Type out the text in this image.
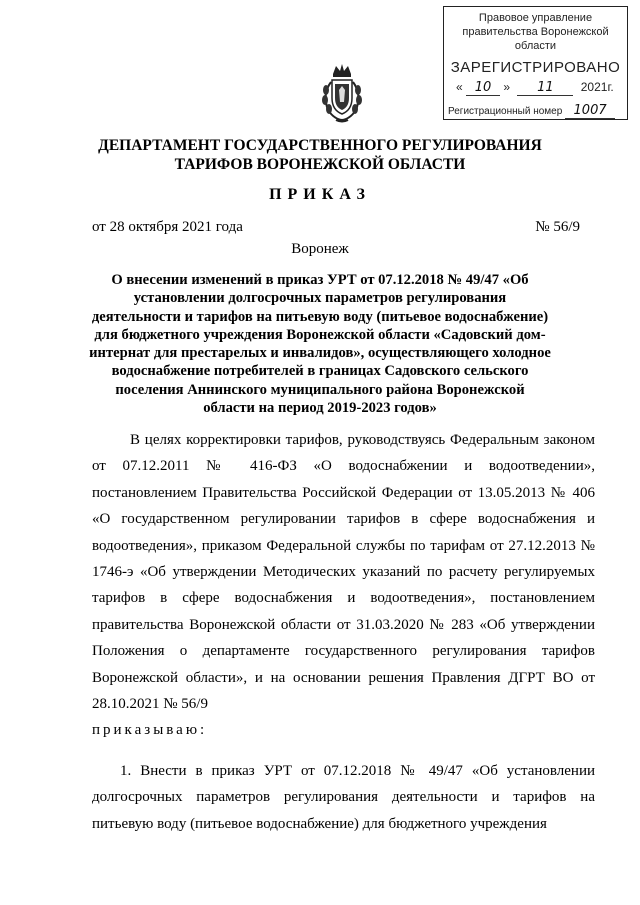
Правовое управление правительства Воронежской области
ЗАРЕГИСТРИРОВАНО
« 10 » 11 2021г.
Регистрационный номер 1007
ДЕПАРТАМЕНТ ГОСУДАРСТВЕННОГО РЕГУЛИРОВАНИЯ ТАРИФОВ ВОРОНЕЖСКОЙ ОБЛАСТИ
ПРИКАЗ
от 28 октября 2021 года	№ 56/9
Воронеж
О внесении изменений в приказ УРТ от 07.12.2018 № 49/47 «Об установлении долгосрочных параметров регулирования деятельности и тарифов на питьевую воду (питьевое водоснабжение) для бюджетного учреждения Воронежской области «Садовский дом-интернат для престарелых и инвалидов», осуществляющего холодное водоснабжение потребителей в границах Садовского сельского поселения Аннинского муниципального района Воронежской области на период 2019-2023 годов»
В целях корректировки тарифов, руководствуясь Федеральным законом от 07.12.2011 № 416-ФЗ «О водоснабжении и водоотведении», постановлением Правительства Российской Федерации от 13.05.2013 № 406 «О государственном регулировании тарифов в сфере водоснабжения и водоотведения», приказом Федеральной службы по тарифам от 27.12.2013 № 1746-э «Об утверждении Методических указаний по расчету регулируемых тарифов в сфере водоснабжения и водоотведения», постановлением правительства Воронежской области от 31.03.2020 № 283 «Об утверждении Положения о департаменте государственного регулирования тарифов Воронежской области», и на основании решения Правления ДГРТ ВО от 28.10.2021 № 56/9
приказываю:
1. Внести в приказ УРТ от 07.12.2018 № 49/47 «Об установлении долгосрочных параметров регулирования деятельности и тарифов на питьевую воду (питьевое водоснабжение) для бюджетного учреждения
